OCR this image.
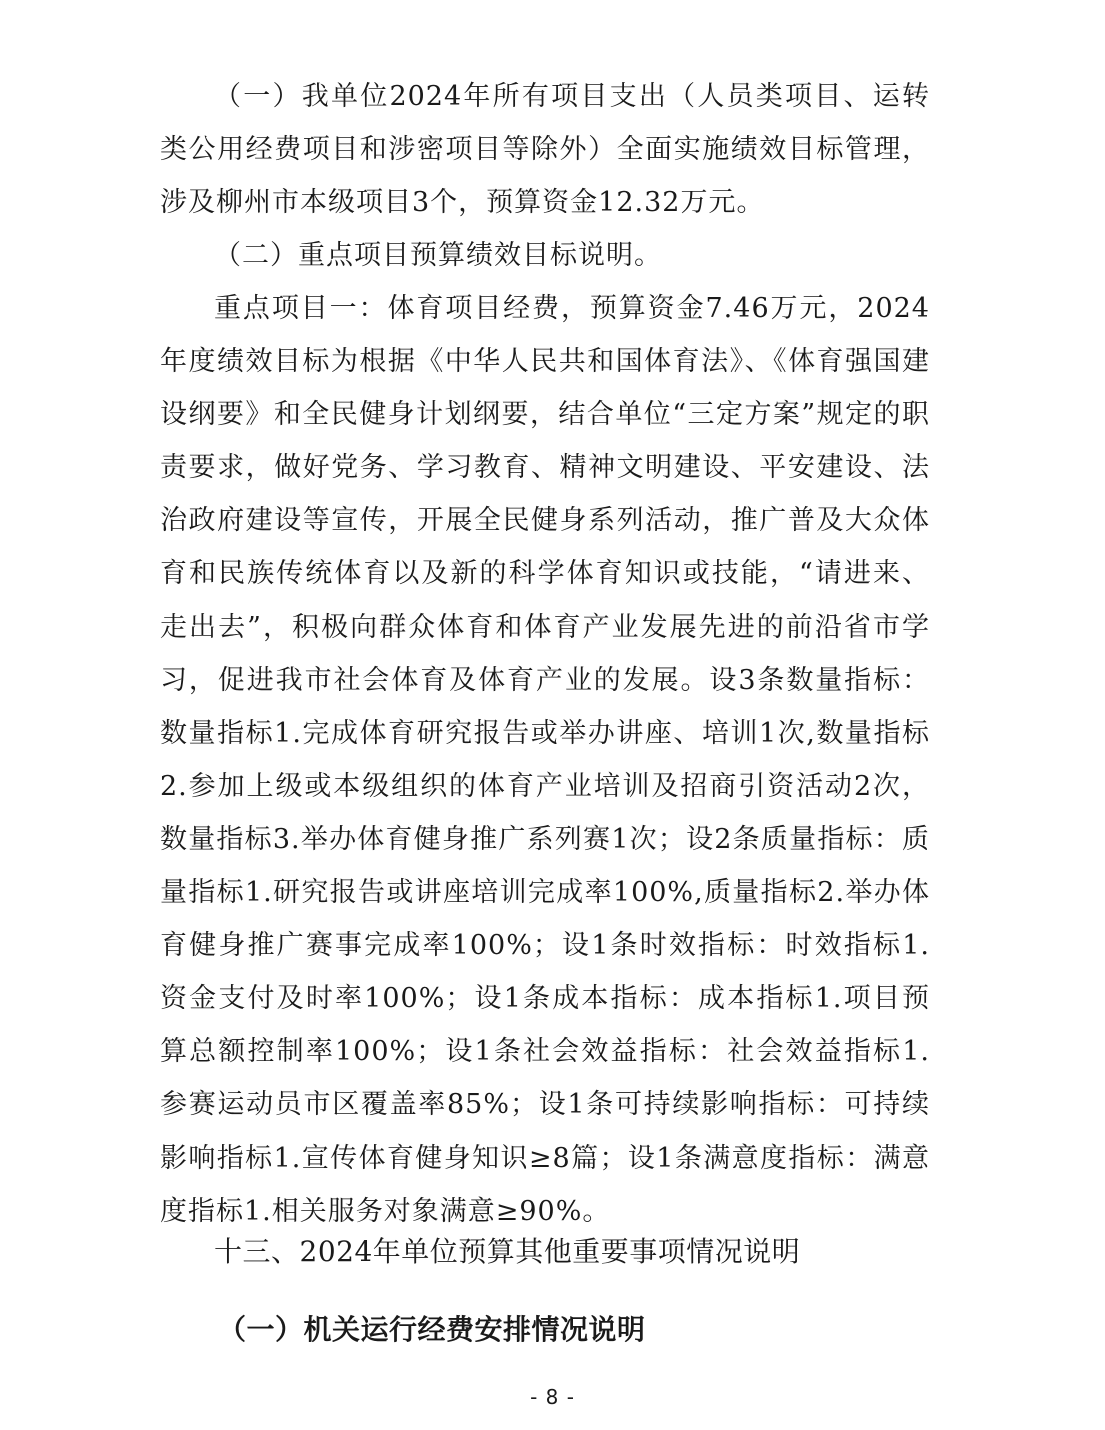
（一）我单位2024年所有项目支出（人员类项目、运转类公用经费项目和涉密项目等除外）全面实施绩效目标管理，涉及柳州市本级项目3个，预算资金12.32万元。

（二）重点项目预算绩效目标说明。

重点项目一：体育项目经费，预算资金7.46万元，2024年度绩效目标为根据《中华人民共和国体育法》、《体育强国建设纲要》和全民健身计划纲要，结合单位“三定方案”规定的职责要求，做好党务、学习教育、精神文明建设、平安建设、法治政府建设等宣传，开展全民健身系列活动，推广普及大众体育和民族传统体育以及新的科学体育知识或技能，“请进来、走出去”，积极向群众体育和体育产业发展先进的前沿省市学习，促进我市社会体育及体育产业的发展。设3条数量指标：数量指标1.完成体育研究报告或举办讲座、培训1次,数量指标2.参加上级或本级组织的体育产业培训及招商引资活动2次，数量指标3.举办体育健身推广系列赛1次；设2条质量指标：质量指标1.研究报告或讲座培训完成率100%,质量指标2.举办体育健身推广赛事完成率100%；设1条时效指标：时效指标1.资金支付及时率100%；设1条成本指标：成本指标1.项目预算总额控制率100%；设1条社会效益指标：社会效益指标1.参赛运动员市区覆盖率85%；设1条可持续影响指标：可持续影响指标1.宣传体育健身知识≥8篇；设1条满意度指标：满意度指标1.相关服务对象满意≥90%。

十三、2024年单位预算其他重要事项情况说明
（一）机关运行经费安排情况说明
- 8 -
